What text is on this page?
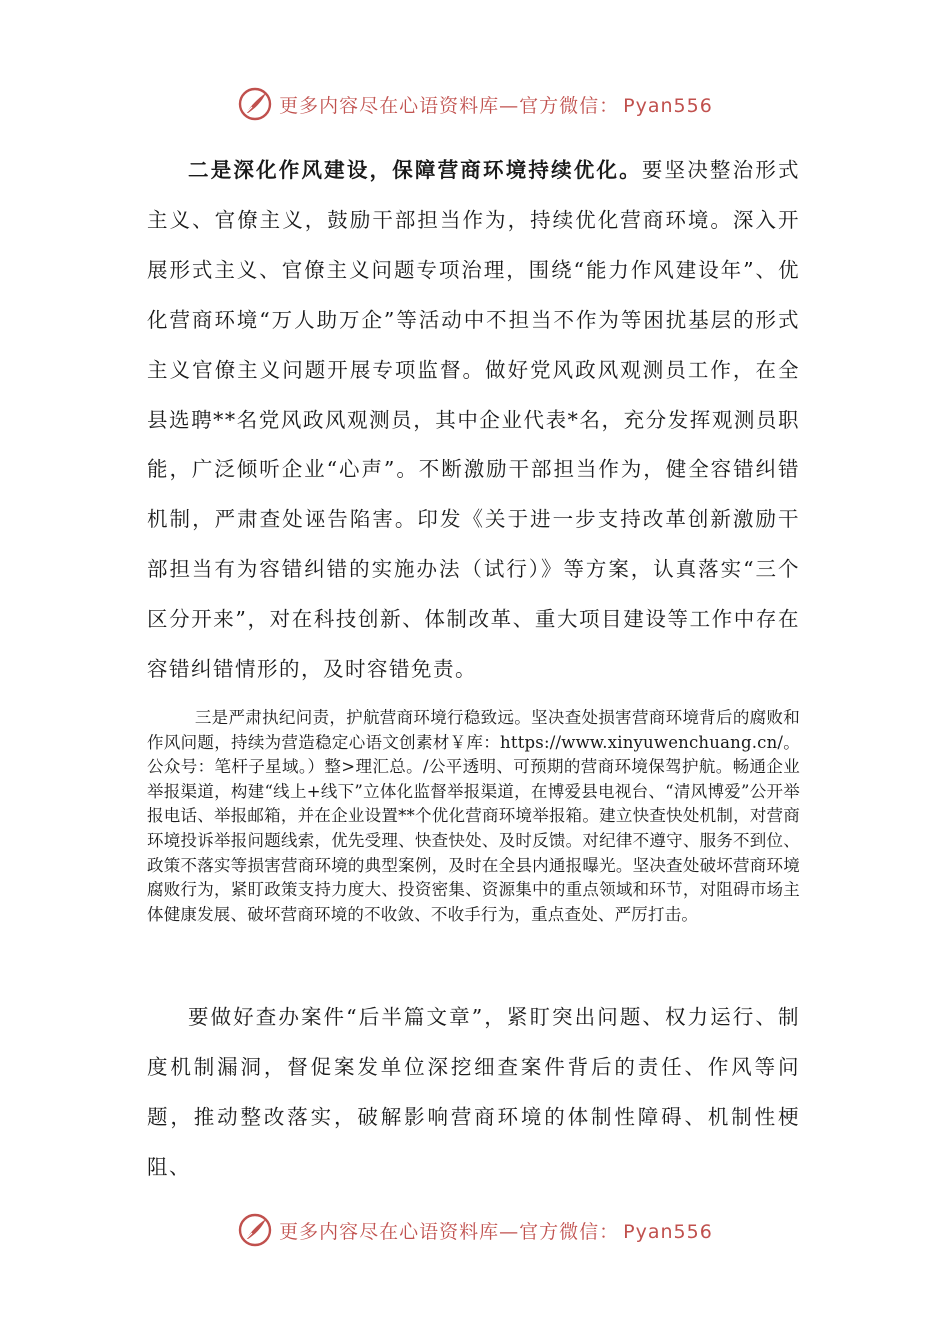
更多内容尽在心语资料库—官方微信： Pyan556

二是深化作风建设，保障营商环境持续优化。要坚决整治形式主义、官僚主义，鼓励干部担当作为，持续优化营商环境。深入开展形式主义、官僚主义问题专项治理，围绕“能力作风建设年”、优化营商环境“万人助万企”等活动中不担当不作为等困扰基层的形式主义官僚主义问题开展专项监督。做好党风政风观测员工作，在全县选聘**名党风政风观测员，其中企业代表*名，充分发挥观测员职能，广泛倾听企业“心声”。不断激励干部担当作为，健全容错纠错机制，严肃查处诬告陷害。印发《关于进一步支持改革创新激励干部担当有为容错纠错的实施办法（试行）》等方案，认真落实“三个区分开来”，对在科技创新、体制改革、重大项目建设等工作中存在容错纠错情形的，及时容错免责。

三是严肃执纪问责，护航营商环境行稳致远。坚决查处损害营商环境背后的腐败和作风问题，持续为营造稳定心语文创素材￥库：https://www.xinyuwenchuang.cn/。公众号：笔杆子星域。）整>理汇总。/公平透明、可预期的营商环境保驾护航。畅通企业举报渠道，构建“线上+线下”立体化监督举报渠道，在博爱县电视台、“清风博爱”公开举报电话、举报邮箱，并在企业设置**个优化营商环境举报箱。建立快查快处机制，对营商环境投诉举报问题线索，优先受理、快查快处、及时反馈。对纪律不遵守、服务不到位、政策不落实等损害营商环境的典型案例，及时在全县内通报曝光。坚决查处破坏营商环境腐败行为，紧盯政策支持力度大、投资密集、资源集中的重点领域和环节，对阻碍市场主体健康发展、破坏营商环境的不收敛、不收手行为，重点查处、严厉打击。

要做好查办案件“后半篇文章”，紧盯突出问题、权力运行、制度机制漏洞，督促案发单位深挖细查案件背后的责任、作风等问题，推动整改落实，破解影响营商环境的体制性障碍、机制性梗阻、

更多内容尽在心语资料库—官方微信： Pyan556
